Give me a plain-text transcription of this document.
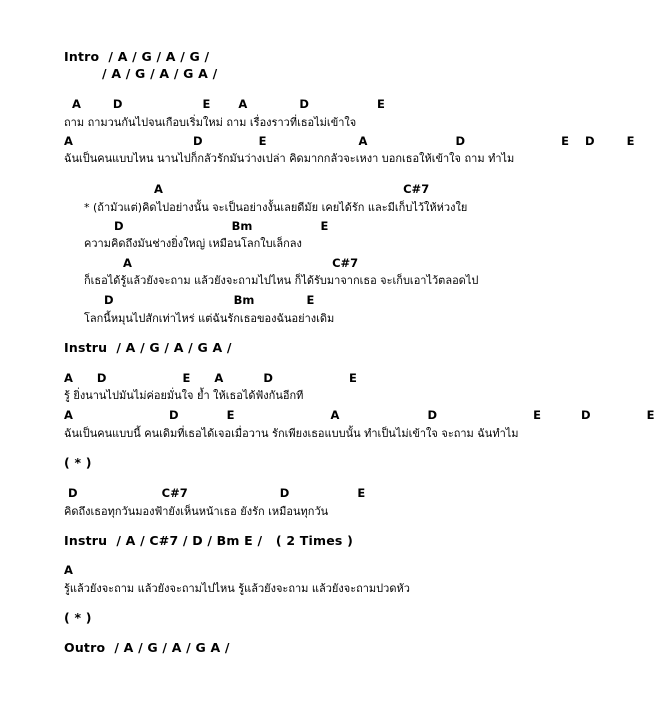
Intro  / A / G / A / G /
/ A / G / A / G A /
A        D                    E       A             D                 E
ถาม ถามวนกันไปจนเกือบเริ่มใหม่ ถาม เรื่องราวที่เธอไม่เข้าใจ
A                              D              E                       A                      D                        E    D        E
ฉันเป็นคนแบบไหน นานไปก็กลัวรักมันว่างเปล่า คิดมากกลัวจะเหงา บอกเธอให้เข้าใจ ถาม ทำไม
A                                                            C#7
* (ถ้ามัวแต่)คิดไปอย่างนั้น จะเป็นอย่างงั้นเลยดีมัย เคยได้รัก และมีเก็บไว้ให้ห่วงใย
D                           Bm                 E
ความคิดถึงมันช่างยิ่งใหญ่ เหมือนโลกใบเล็กลง
A                                                  C#7
ก็เธอได้รู้แล้วยังจะถาม แล้วยังจะถามไปไหน ก็ได้รับมาจากเธอ จะเก็บเอาไว้ตลอดไป
D                              Bm             E
โลกนี้หมุนไปสักเท่าไหร่ แต่ฉันรักเธอของฉันอย่างเดิม
Instru  / A / G / A / G A /
A      D                   E      A          D                   E
รู้ ยิ่งนานไปมันไม่ค่อยมั่นใจ ย้ำ ให้เธอได้ฟังกันอีกที
A                        D            E                        A                      D                        E          D              E
ฉันเป็นคนแบบนี้ คนเดิมที่เธอได้เจอเมื่อวาน รักเพียงเธอแบบนั้น ทำเป็นไม่เข้าใจ จะถาม ฉันทำไม
( * )
D                     C#7                       D                 E
คิดถึงเธอทุกวันมองฟ้ายังเห็นหน้าเธอ ยังรัก เหมือนทุกวัน
Instru  / A / C#7 / D / Bm E /   ( 2 Times )
A
รู้แล้วยังจะถาม แล้วยังจะถามไปไหน รู้แล้วยังจะถาม แล้วยังจะถามปวดหัว
( * )
Outro  / A / G / A / G A /
